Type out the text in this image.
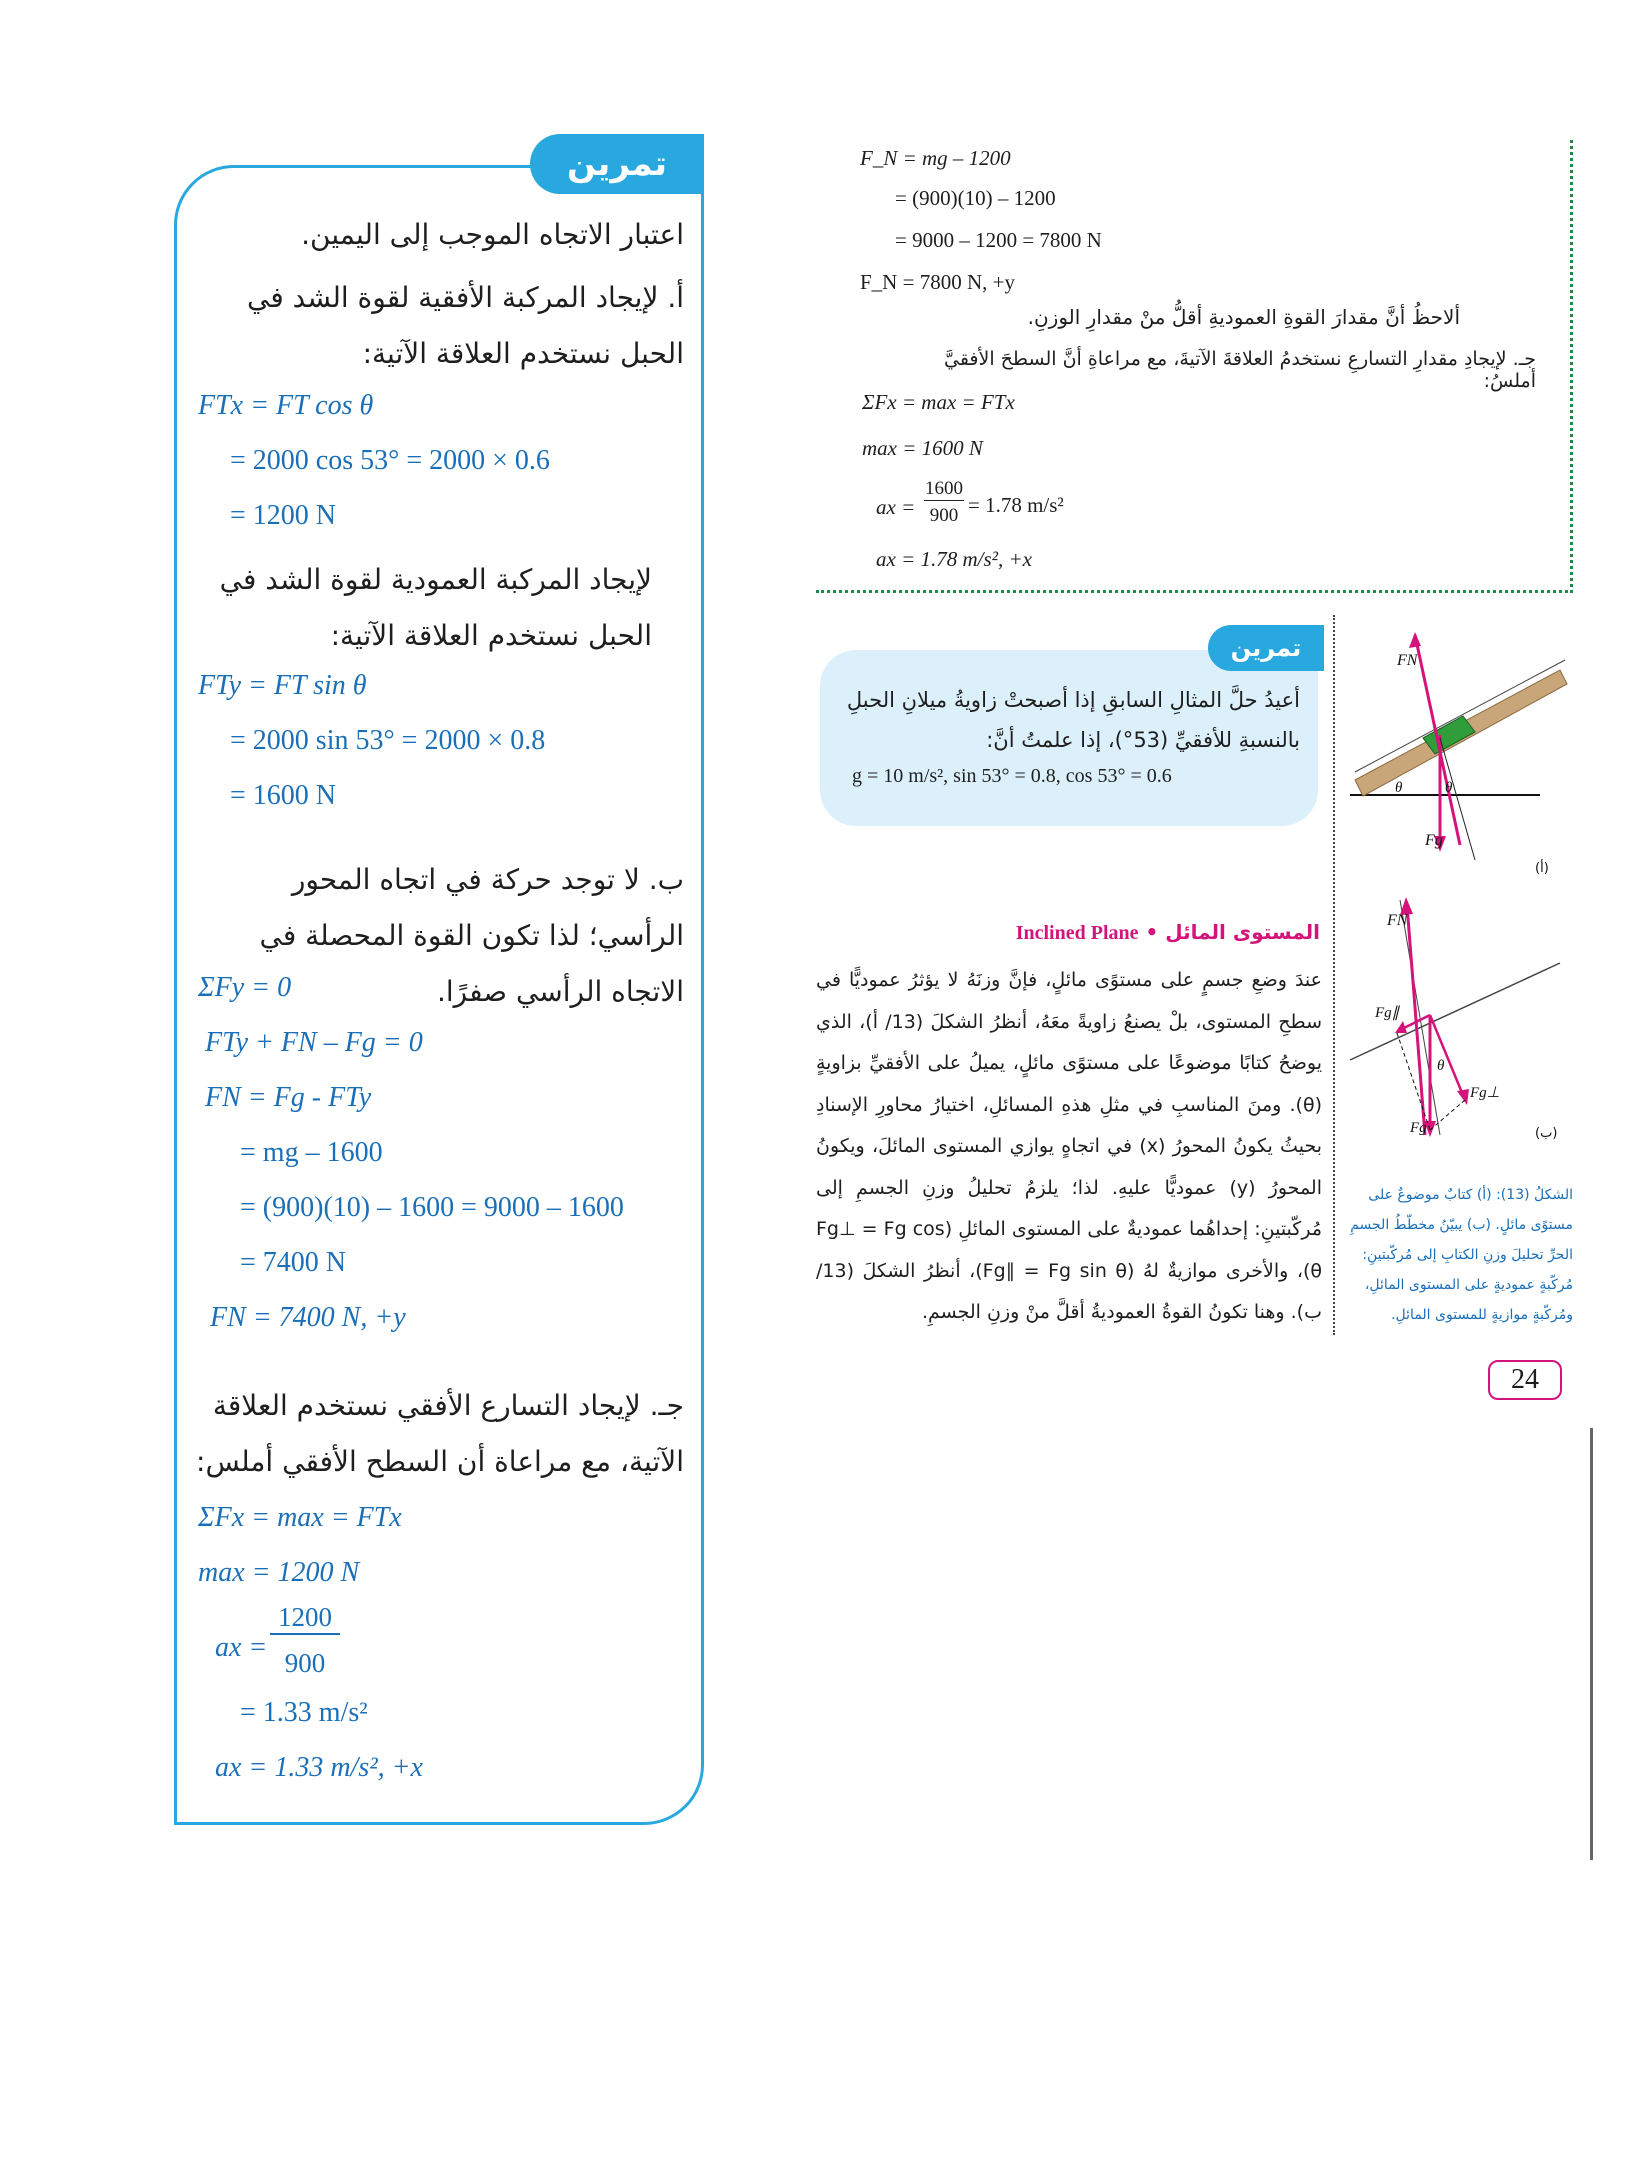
F_N = mg – 1200
= (900)(10) – 1200
= 9000 – 1200 = 7800 N
F_N = 7800 N, +y
ألاحظُ أنَّ مقدارَ القوةِ العموديةِ أقلُّ منْ مقدارِ الوزنِ.
جـ. لإيجادِ مقدارِ التسارعِ نستخدمُ العلاقةَ الآتيةَ، مع مراعاةِ أنَّ السطحَ الأفقيَّ أملسُ:
ΣFx = max = FTx
max = 1600 N
ax =
1600
900 = 1.78 m/s²
ax = 1.78 m/s², +x
تمرين
اعتبار الاتجاه الموجب إلى اليمين.
أ. لإيجاد المركبة الأفقية لقوة الشد في الحبل نستخدم العلاقة الآتية:
FTx = FT cos θ
= 2000 cos 53° = 2000 × 0.6
= 1200 N
لإيجاد المركبة العمودية لقوة الشد في الحبل نستخدم العلاقة الآتية:
FTy = FT sin θ
= 2000 sin 53° = 2000 × 0.8
= 1600 N
ب. لا توجد حركة في اتجاه المحور الرأسي؛ لذا تكون القوة المحصلة في الاتجاه الرأسي صفرًا.
ΣFy = 0
FTy + FN – Fg = 0
FN = Fg - FTy
= mg – 1600
= (900)(10) – 1600 = 9000 – 1600
= 7400 N
FN = 7400 N, +y
جـ. لإيجاد التسارع الأفقي نستخدم العلاقة الآتية، مع مراعاة أن السطح الأفقي أملس:
ΣFx = max = FTx
max = 1200 N
ax =
1200
900
= 1.33 m/s²
ax = 1.33 m/s², +x
تمرين
أعيدُ حلَّ المثالِ السابقِ إذا أصبحتْ زاويةُ ميلانِ الحبلِ بالنسبةِ للأفقيِّ (53°)، إذا علمتُ أنَّ:
g = 10 m/s², sin 53° = 0.8, cos 53° = 0.6
Inclined Plane • المستوى المائل
عندَ وضعِ جسمٍ على مستوًى مائلٍ، فإنَّ وزنَهُ لا يؤثرُ عموديًّا في سطحِ المستوى، بلْ يصنعُ زاويةً معَهُ، أنظرُ الشكلَ (13/ أ)، الذي يوضحُ كتابًا موضوعًا على مستوًى مائلٍ، يميلُ على الأفقيِّ بزاويةٍ (θ). ومنَ المناسبِ في مثلِ هذهِ المسائلِ، اختيارُ محاورِ الإسنادِ بحيثُ يكونُ المحورُ (x) في اتجاهٍ يوازي المستوى المائلَ، ويكونُ المحورُ (y) عموديًّا عليهِ. لذا؛ يلزمُ تحليلُ وزنِ الجسمِ إلى مُركّبتينِ: إحداهُما عموديةٌ على المستوى المائلِ (Fg⊥ = Fg cos θ)، والأخرى موازيةٌ لهُ (Fg∥ = Fg sin θ)، أنظرُ الشكلَ (13/ ب). وهنا تكونُ القوةُ العموديةُ أقلَّ منْ وزنِ الجسمِ.
FN
Fg
θ	θ
(أ)
FN
Fg∥
Fg⊥
Fg
θ
(ب)
الشكلُ (13): (أ) كتابٌ موضوعٌ على مستوًى مائلٍ. (ب) يبيّنُ مخطّطُ الجسمِ الحرِّ تحليلَ وزنِ الكتابِ إلى مُركّبتينِ: مُركّبةٍ عموديةٍ على المستوى المائلِ، ومُركّبةٍ موازيةٍ للمستوى المائلِ.
24
